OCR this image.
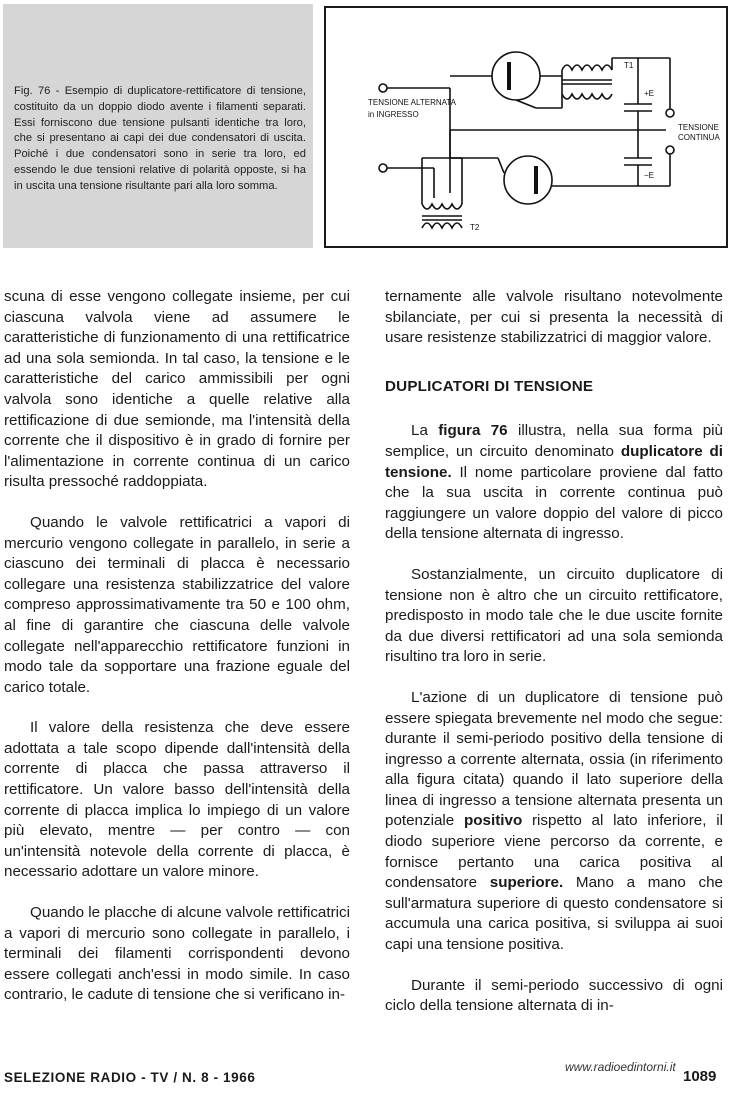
Fig. 76 - Esempio di duplicatore-rettificatore di tensione, costituito da un doppio diodo avente i filamenti separati. Essi forniscono due tensione pulsanti identiche tra loro, che si presentano ai capi dei due condensatori di uscita. Poiché i due condensatori sono in serie tra loro, ed essendo le due tensioni relative di polarità opposte, si ha in uscita una tensione risultante pari alla loro somma.
TENSIONE ALTERNATA
in INGRESSO
TENSIONE
CONTINUA
+E
−E
T1
T2

scuna di esse vengono collegate insieme, per cui ciascuna valvola viene ad assumere le caratteristiche di funzionamento di una rettificatrice ad una sola semionda. In tal caso, la tensione e le caratteristiche del carico ammissibili per ogni valvola sono identiche a quelle relative alla rettificazione di due semionde, ma l'intensità della corrente che il dispositivo è in grado di fornire per l'alimentazione in corrente continua di un carico risulta pressoché raddoppiata.

Quando le valvole rettificatrici a vapori di mercurio vengono collegate in parallelo, in serie a ciascuno dei terminali di placca è necessario collegare una resistenza stabilizzatrice del valore compreso approssimativamente tra 50 e 100 ohm, al fine di garantire che ciascuna delle valvole collegate nell'apparecchio rettificatore funzioni in modo tale da sopportare una frazione eguale del carico totale.

Il valore della resistenza che deve essere adottata a tale scopo dipende dall'intensità della corrente di placca che passa attraverso il rettificatore. Un valore basso dell'intensità della corrente di placca implica lo impiego di un valore più elevato, mentre — per contro — con un'intensità notevole della corrente di placca, è necessario adottare un valore minore.

Quando le placche di alcune valvole rettificatrici a vapori di mercurio sono collegate in parallelo, i terminali dei filamenti corrispondenti devono essere collegati anch'essi in modo simile. In caso contrario, le cadute di tensione che si verificano in-

ternamente alle valvole risultano notevolmente sbilanciate, per cui si presenta la necessità di usare resistenze stabilizzatrici di maggior valore.

DUPLICATORI DI TENSIONE

La figura 76 illustra, nella sua forma più semplice, un circuito denominato duplicatore di tensione. Il nome particolare proviene dal fatto che la sua uscita in corrente continua può raggiungere un valore doppio del valore di picco della tensione alternata di ingresso.

Sostanzialmente, un circuito duplicatore di tensione non è altro che un circuito rettificatore, predisposto in modo tale che le due uscite fornite da due diversi rettificatori ad una sola semionda risultino tra loro in serie.

L'azione di un duplicatore di tensione può essere spiegata brevemente nel modo che segue: durante il semi-periodo positivo della tensione di ingresso a corrente alternata, ossia (in riferimento alla figura citata) quando il lato superiore della linea di ingresso a tensione alternata presenta un potenziale positivo rispetto al lato inferiore, il diodo superiore viene percorso da corrente, e fornisce pertanto una carica positiva al condensatore superiore. Mano a mano che sull'armatura superiore di questo condensatore si accumula una carica positiva, si sviluppa ai suoi capi una tensione positiva.

Durante il semi-periodo successivo di ogni ciclo della tensione alternata di in-

SELEZIONE RADIO - TV / N. 8 - 1966
www.radioedintorni.it
1089
